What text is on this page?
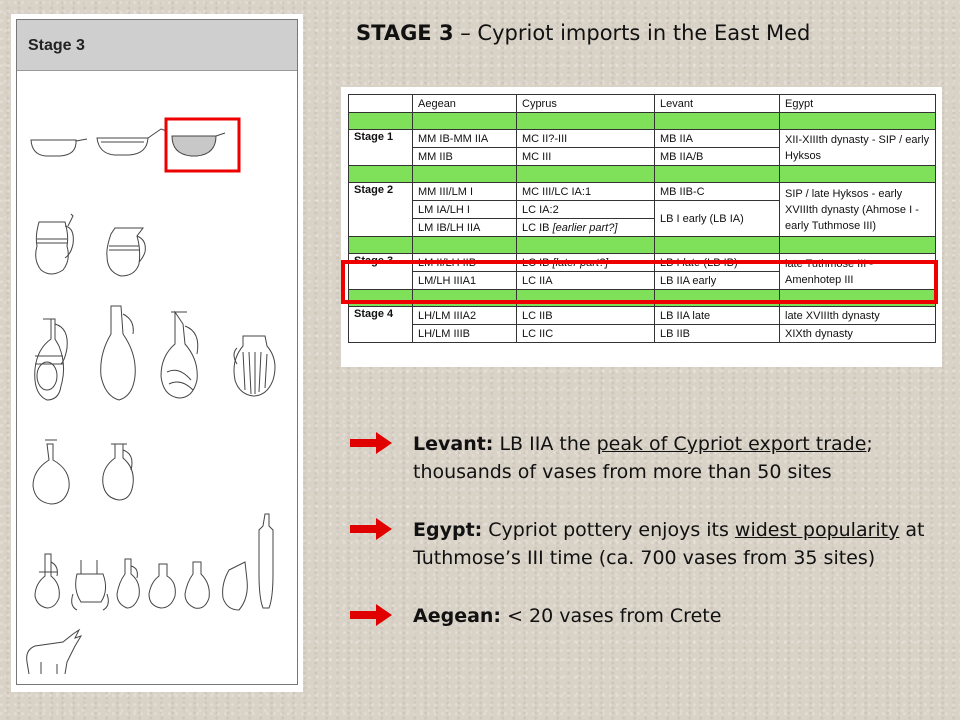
Stage 3
STAGE 3 – Cypriot imports in the East Med
	Aegean	Cyprus	Levant	Egypt

Stage 1	MM IB-MM IIA	MC II?-III	MB IIA	XII-XIIIth dynasty - SIP / early Hyksos
	MM IIB	MC III	MB IIA/B	

Stage 2	MM III/LM I	MC III/LC IA:1	MB IIB-C	SIP / late Hyksos - early XVIIIth dynasty (Ahmose I - early Tuthmose III)
	LM IA/LH I	LC IA:2	LB I early (LB IA)	
	LM IB/LH IIA	LC IB [earlier part?]		

Stage 3	LM II/LH IIB	LC IB [later part?]	LB I late (LB IB)	late Tuthmose III - Amenhotep III
	LM/LH IIIA1	LC IIA	LB IIA early	

Stage 4	LH/LM IIIA2	LC IIB	LB IIA late	late XVIIIth dynasty
	LH/LM IIIB	LC IIC	LB IIB	XIXth dynasty
Levant: LB IIA the peak of Cypriot export trade; thousands of vases from more than 50 sites
Egypt: Cypriot pottery enjoys its widest popularity at Tuthmose’s III time (ca. 700 vases from 35 sites)
Aegean: < 20 vases from Crete
